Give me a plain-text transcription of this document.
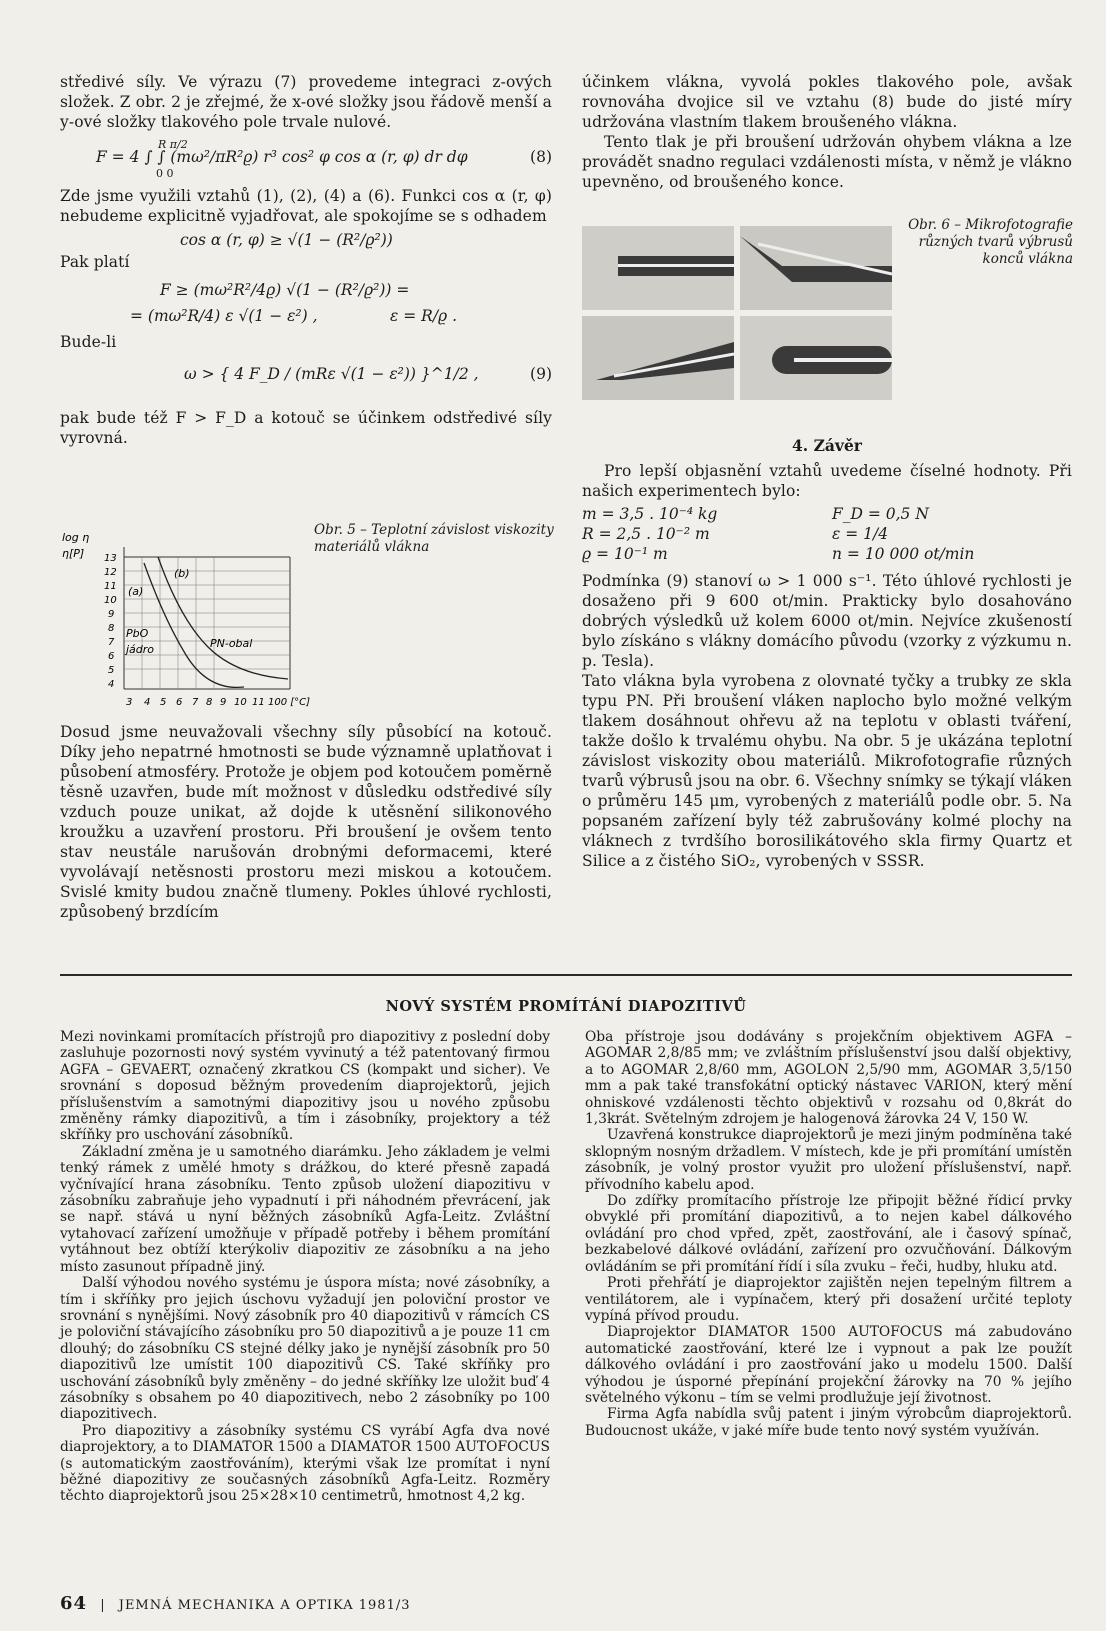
středivé síly. Ve výrazu (7) provedeme integraci z-ových složek. Z obr. 2 je zřejmé, že x-ové složky jsou řádově menší a y-ové složky tlakového pole trvale nulové.

R π/2
F = 4 ∫ ∫ (mω²/πR²ϱ) r³ cos² φ cos α (r, φ) dr dφ	(8)
0 0

Zde jsme využili vztahů (1), (2), (4) a (6). Funkci cos α (r, φ) nebudeme explicitně vyjadřovat, ale spokojíme se s odhadem

cos α (r, φ) ≥ √(1 − (R²/ϱ²))
Pak platí
F ≥ (mω²R²/4ϱ) √(1 − (R²/ϱ²)) =
= (mω²R/4) ε √(1 − ε²) ,	ε = R/ϱ .
Bude-li
ω > { 4 F_D / (mRε √(1 − ε²)) }^1/2 ,	(9)

pak bude též F > F_D a kotouč se účinkem odstředivé síly vyrovná.

log η
η[P] 13
12
11
10
9
8
7
6
5
4
3 4 5 6 7 8 9 10 11 100 [°C]
(a)
(b)
PbO
jádro	PN-obal
Obr. 5 – Teplotní závislost viskozity materiálů vlákna

Dosud jsme neuvažovali všechny síly působící na kotouč. Díky jeho nepatrné hmotnosti se bude významně uplatňovat i působení atmosféry. Protože je objem pod kotoučem poměrně těsně uzavřen, bude mít možnost v důsledku odstředivé síly vzduch pouze unikat, až dojde k utěsnění silikonového kroužku a uzavření prostoru. Při broušení je ovšem tento stav neustále narušován drobnými deformacemi, které vyvolávají netěsnosti prostoru mezi miskou a kotoučem. Svislé kmity budou značně tlumeny. Pokles úhlové rychlosti, způsobený brzdícím

účinkem vlákna, vyvolá pokles tlakového pole, avšak rovnováha dvojice sil ve vztahu (8) bude do jisté míry udržována vlastním tlakem broušeného vlákna.

Tento tlak je při broušení udržován ohybem vlákna a lze provádět snadno regulaci vzdálenosti místa, v němž je vlákno upevněno, od broušeného konce.

Obr. 6 – Mikrofotografie různých tvarů výbrusů konců vlákna
4. Závěr

Pro lepší objasnění vztahů uvedeme číselné hodnoty. Při našich experimentech bylo:

m = 3,5 . 10⁻⁴ kg	F_D = 0,5 N
R = 2,5 . 10⁻² m	ε = 1/4
ϱ = 10⁻¹ m	n = 10 000 ot/min

Podmínka (9) stanoví ω > 1 000 s⁻¹. Této úhlové rychlosti je dosaženo při 9 600 ot/min. Prakticky bylo dosahováno dobrých výsledků už kolem 6000 ot/min. Nejvíce zkušeností bylo získáno s vlákny domácího původu (vzorky z výzkumu n. p. Tesla).

Tato vlákna byla vyrobena z olovnaté tyčky a trubky ze skla typu PN. Při broušení vláken naplocho bylo možné velkým tlakem dosáhnout ohřevu až na teplotu v oblasti tváření, takže došlo k trvalému ohybu. Na obr. 5 je ukázána teplotní závislost viskozity obou materiálů. Mikrofotografie různých tvarů výbrusů jsou na obr. 6. Všechny snímky se týkají vláken o průměru 145 μm, vyrobených z materiálů podle obr. 5. Na popsaném zařízení byly též zabrušovány kolmé plochy na vláknech z tvrdšího borosilikátového skla firmy Quartz et Silice a z čistého SiO₂, vyrobených v SSSR.

NOVÝ SYSTÉM PROMÍTÁNÍ DIAPOZITIVŮ

Mezi novinkami promítacích přístrojů pro diapozitivy z poslední doby zasluhuje pozornosti nový systém vyvinutý a též patentovaný firmou AGFA – GEVAERT, označený zkratkou CS (kompakt und sicher). Ve srovnání s doposud běžným provedením diaprojektorů, jejich příslušenstvím a samotnými diapozitivy jsou u nového způsobu změněny rámky diapozitivů, a tím i zásobníky, projektory a též skříňky pro uschování zásobníků.

Základní změna je u samotného diarámku. Jeho základem je velmi tenký rámek z umělé hmoty s drážkou, do které přesně zapadá vyčnívající hrana zásobníku. Tento způsob uložení diapozitivu v zásobníku zabraňuje jeho vypadnutí i při náhodném převrácení, jak se např. stává u nyní běžných zásobníků Agfa-Leitz. Zvláštní vytahovací zařízení umožňuje v případě potřeby i během promítání vytáhnout bez obtíží kterýkoliv diapozitiv ze zásobníku a na jeho místo zasunout případně jiný.

Další výhodou nového systému je úspora místa; nové zásobníky, a tím i skříňky pro jejich úschovu vyžadují jen poloviční prostor ve srovnání s nynějšími. Nový zásobník pro 40 diapozitivů v rámcích CS je poloviční stávajícího zásobníku pro 50 diapozitivů a je pouze 11 cm dlouhý; do zásobníku CS stejné délky jako je nynější zásobník pro 50 diapozitivů lze umístit 100 diapozitivů CS. Také skříňky pro uschování zásobníků byly změněny – do jedné skříňky lze uložit buď 4 zásobníky s obsahem po 40 diapozitivech, nebo 2 zásobníky po 100 diapozitivech.

Pro diapozitivy a zásobníky systému CS vyrábí Agfa dva nové diaprojektory, a to DIAMATOR 1500 a DIAMATOR 1500 AUTOFOCUS (s automatickým zaostřováním), kterými však lze promítat i nyní běžné diapozitivy ze současných zásobníků Agfa-Leitz. Rozměry těchto diaprojektorů jsou 25×28×10 centimetrů, hmotnost 4,2 kg.

Oba přístroje jsou dodávány s projekčním objektivem AGFA – AGOMAR 2,8/85 mm; ve zvláštním příslušenství jsou další objektivy, a to AGOMAR 2,8/60 mm, AGOLON 2,5/90 mm, AGOMAR 3,5/150 mm a pak také transfokátní optický nástavec VARION, který mění ohniskové vzdálenosti těchto objektivů v rozsahu od 0,8krát do 1,3krát. Světelným zdrojem je halogenová žárovka 24 V, 150 W.

Uzavřená konstrukce diaprojektorů je mezi jiným podmíněna také sklopným nosným držadlem. V místech, kde je při promítání umístěn zásobník, je volný prostor využit pro uložení příslušenství, např. přívodního kabelu apod.

Do zdířky promítacího přístroje lze připojit běžné řídicí prvky obvyklé při promítání diapozitivů, a to nejen kabel dálkového ovládání pro chod vpřed, zpět, zaostřování, ale i časový spínač, bezkabelové dálkové ovládání, zařízení pro ozvučňování. Dálkovým ovládáním se při promítání řídí i síla zvuku – řeči, hudby, hluku atd.

Proti přehřátí je diaprojektor zajištěn nejen tepelným filtrem a ventilátorem, ale i vypínačem, který při dosažení určité teploty vypíná přívod proudu.

Diaprojektor DIAMATOR 1500 AUTOFOCUS má zabudováno automatické zaostřování, které lze i vypnout a pak lze použít dálkového ovládání i pro zaostřování jako u modelu 1500. Další výhodou je úsporné přepínání projekční žárovky na 70 % jejího světelného výkonu – tím se velmi prodlužuje její životnost.

Firma Agfa nabídla svůj patent i jiným výrobcům diaprojektorů. Budoucnost ukáže, v jaké míře bude tento nový systém využíván.

64 | JEMNÁ MECHANIKA A OPTIKA 1981/3
